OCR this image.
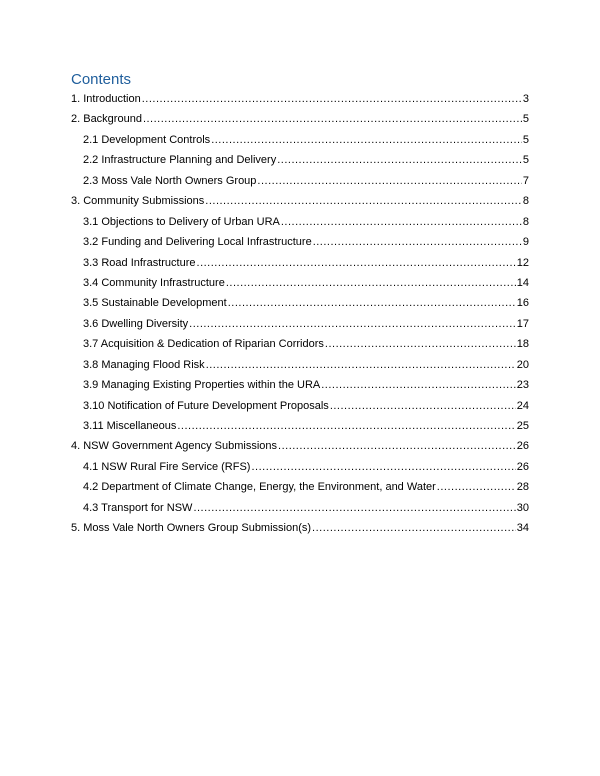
Contents
1. Introduction .....	3
2. Background .....	5
2.1 Development Controls .....	5
2.2 Infrastructure Planning and Delivery .....	5
2.3 Moss Vale North Owners Group .....	7
3. Community Submissions .....	8
3.1 Objections to Delivery of Urban URA .....	8
3.2 Funding and Delivering Local Infrastructure .....	9
3.3 Road Infrastructure .....	12
3.4 Community Infrastructure .....	14
3.5 Sustainable Development .....	16
3.6 Dwelling Diversity .....	17
3.7 Acquisition & Dedication of Riparian Corridors .....	18
3.8 Managing Flood Risk .....	20
3.9 Managing Existing Properties within the URA .....	23
3.10 Notification of Future Development Proposals .....	24
3.11 Miscellaneous .....	25
4. NSW Government Agency Submissions .....	26
4.1 NSW Rural Fire Service (RFS) .....	26
4.2 Department of Climate Change, Energy, the Environment, and Water .....	28
4.3 Transport for NSW .....	30
5. Moss Vale North Owners Group Submission(s) .....	34
